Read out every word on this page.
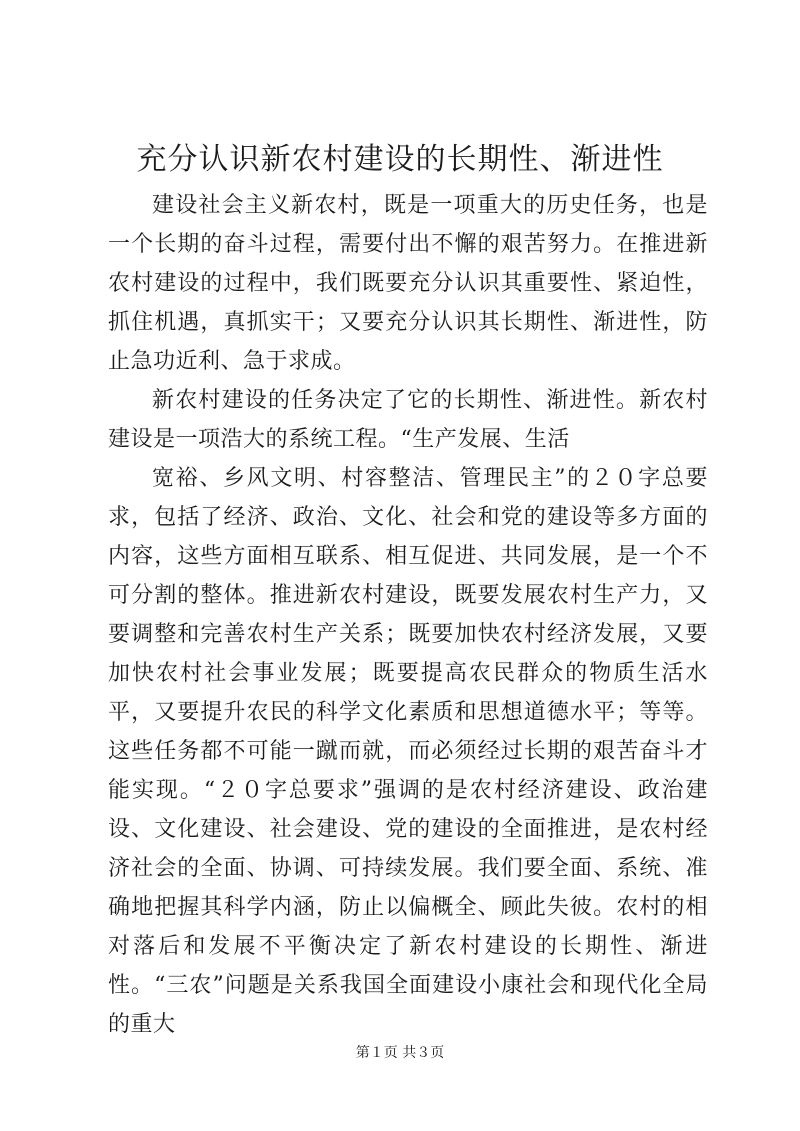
充分认识新农村建设的长期性、渐进性

建设社会主义新农村，既是一项重大的历史任务，也是一个长期的奋斗过程，需要付出不懈的艰苦努力。在推进新农村建设的过程中，我们既要充分认识其重要性、紧迫性，抓住机遇，真抓实干；又要充分认识其长期性、渐进性，防止急功近利、急于求成。

新农村建设的任务决定了它的长期性、渐进性。新农村建设是一项浩大的系统工程。“生产发展、生活

宽裕、乡风文明、村容整洁、管理民主”的２０字总要求，包括了经济、政治、文化、社会和党的建设等多方面的内容，这些方面相互联系、相互促进、共同发展，是一个不可分割的整体。推进新农村建设，既要发展农村生产力，又要调整和完善农村生产关系；既要加快农村经济发展，又要加快农村社会事业发展；既要提高农民群众的物质生活水平，又要提升农民的科学文化素质和思想道德水平；等等。这些任务都不可能一蹴而就，而必须经过长期的艰苦奋斗才能实现。“２０字总要求”强调的是农村经济建设、政治建设、文化建设、社会建设、党的建设的全面推进，是农村经济社会的全面、协调、可持续发展。我们要全面、系统、准确地把握其科学内涵，防止以偏概全、顾此失彼。农村的相对落后和发展不平衡决定了新农村建设的长期性、渐进性。“三农”问题是关系我国全面建设小康社会和现代化全局的重大

第１页 共３页
